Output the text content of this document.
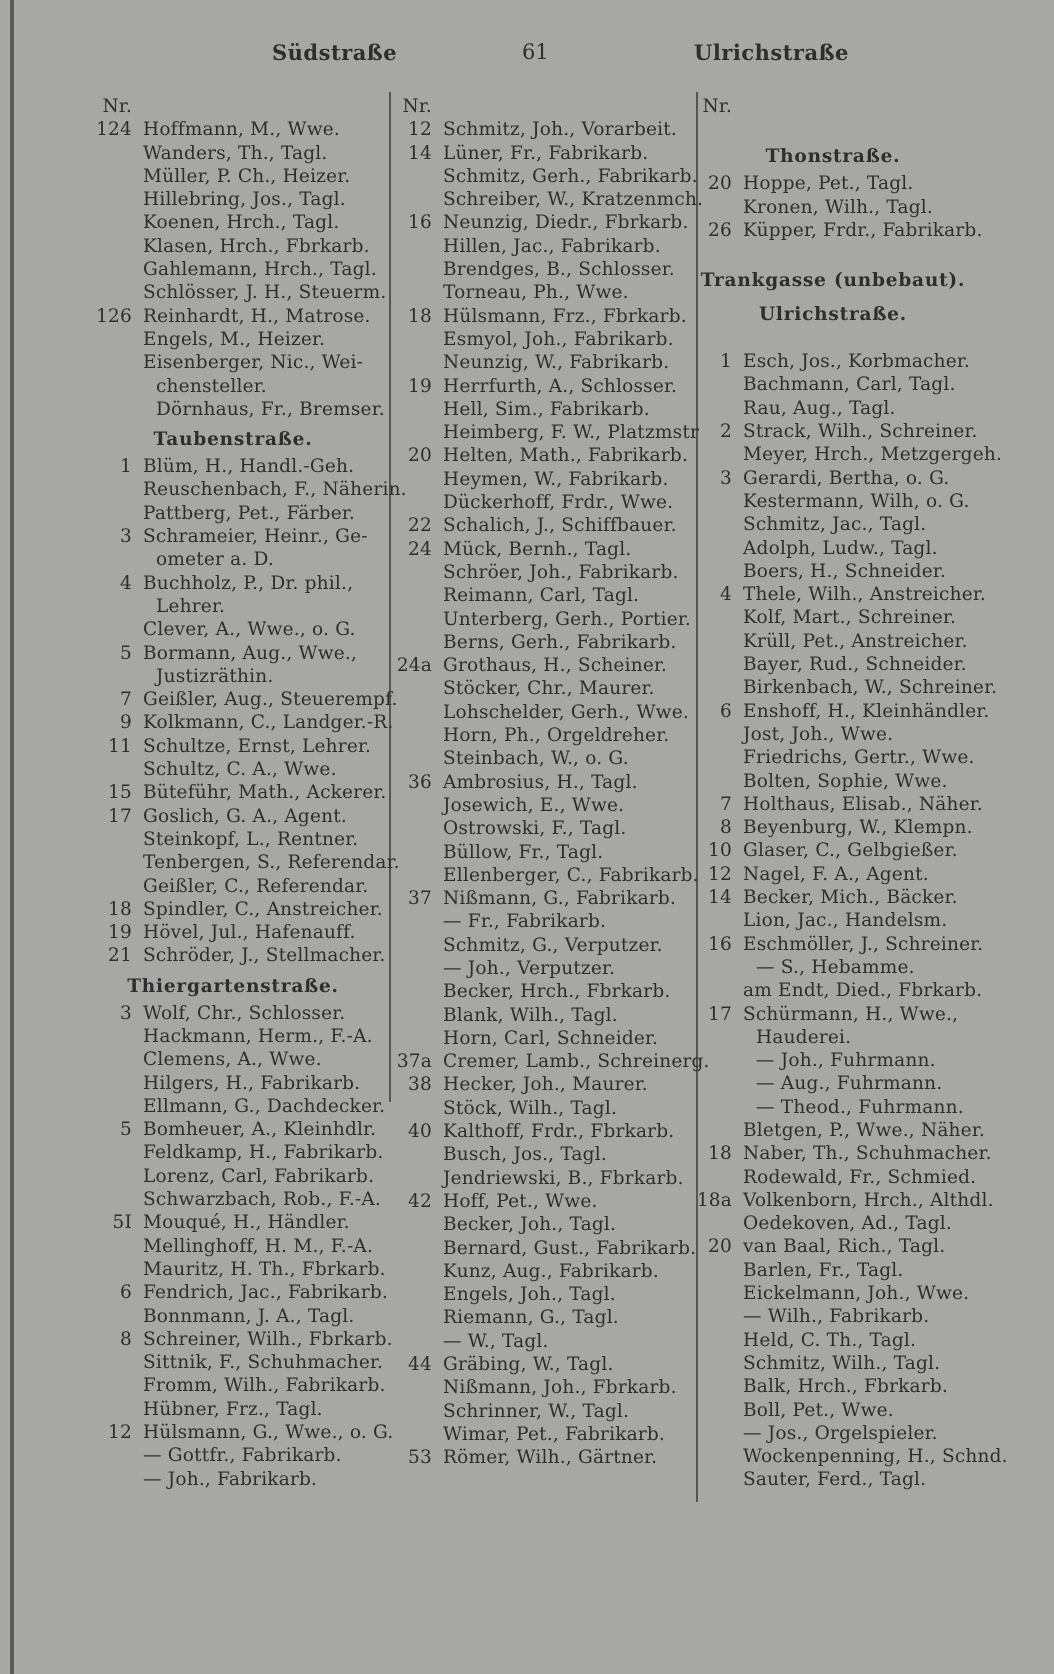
Südstraße	61	Ulrichstraße
Nr.
124 Hoffmann, M., Wwe.
Wanders, Th., Tagl.
Müller, P. Ch., Heizer.
Hillebring, Jos., Tagl.
Koenen, Hrch., Tagl.
Klasen, Hrch., Fbrkarb.
Gahlemann, Hrch., Tagl.
Schlösser, J. H., Steuerm.
126 Reinhardt, H., Matrose.
Engels, M., Heizer.
Eisenberger, Nic., Wei-
chensteller.
Dörnhaus, Fr., Bremser.
Taubenstraße.
1 Blüm, H., Handl.-Geh.
Reuschenbach, F., Näherin.
Pattberg, Pet., Färber.
3 Schrameier, Heinr., Ge-
ometer a. D.
4 Buchholz, P., Dr. phil.,
Lehrer.
Clever, A., Wwe., o. G.
5 Bormann, Aug., Wwe.,
Justizräthin.
7 Geißler, Aug., Steuerempf.
9 Kolkmann, C., Landger.-R.
11 Schultze, Ernst, Lehrer.
Schultz, C. A., Wwe.
15 Büteführ, Math., Ackerer.
17 Goslich, G. A., Agent.
Steinkopf, L., Rentner.
Tenbergen, S., Referendar.
Geißler, C., Referendar.
18 Spindler, C., Anstreicher.
19 Hövel, Jul., Hafenauff.
21 Schröder, J., Stellmacher.
Thiergartenstraße.
3 Wolf, Chr., Schlosser.
Hackmann, Herm., F.-A.
Clemens, A., Wwe.
Hilgers, H., Fabrikarb.
Ellmann, G., Dachdecker.
5 Bomheuer, A., Kleinhdlr.
Feldkamp, H., Fabrikarb.
Lorenz, Carl, Fabrikarb.
Schwarzbach, Rob., F.-A.
5I Mouqué, H., Händler.
Mellinghoff, H. M., F.-A.
Mauritz, H. Th., Fbrkarb.
6 Fendrich, Jac., Fabrikarb.
Bonnmann, J. A., Tagl.
8 Schreiner, Wilh., Fbrkarb.
Sittnik, F., Schuhmacher.
Fromm, Wilh., Fabrikarb.
Hübner, Frz., Tagl.
12 Hülsmann, G., Wwe., o. G.
— Gottfr., Fabrikarb.
— Joh., Fabrikarb.
Nr.
12 Schmitz, Joh., Vorarbeit.
14 Lüner, Fr., Fabrikarb.
Schmitz, Gerh., Fabrikarb.
Schreiber, W., Kratzenmch.
16 Neunzig, Diedr., Fbrkarb.
Hillen, Jac., Fabrikarb.
Brendges, B., Schlosser.
Torneau, Ph., Wwe.
18 Hülsmann, Frz., Fbrkarb.
Esmyol, Joh., Fabrikarb.
Neunzig, W., Fabrikarb.
19 Herrfurth, A., Schlosser.
Hell, Sim., Fabrikarb.
Heimberg, F. W., Platzmstr
20 Helten, Math., Fabrikarb.
Heymen, W., Fabrikarb.
Dückerhoff, Frdr., Wwe.
22 Schalich, J., Schiffbauer.
24 Mück, Bernh., Tagl.
Schröer, Joh., Fabrikarb.
Reimann, Carl, Tagl.
Unterberg, Gerh., Portier.
Berns, Gerh., Fabrikarb.
24a Grothaus, H., Scheiner.
Stöcker, Chr., Maurer.
Lohschelder, Gerh., Wwe.
Horn, Ph., Orgeldreher.
Steinbach, W., o. G.
36 Ambrosius, H., Tagl.
Josewich, E., Wwe.
Ostrowski, F., Tagl.
Büllow, Fr., Tagl.
Ellenberger, C., Fabrikarb.
37 Nißmann, G., Fabrikarb.
— Fr., Fabrikarb.
Schmitz, G., Verputzer.
— Joh., Verputzer.
Becker, Hrch., Fbrkarb.
Blank, Wilh., Tagl.
Horn, Carl, Schneider.
37a Cremer, Lamb., Schreinerg.
38 Hecker, Joh., Maurer.
Stöck, Wilh., Tagl.
40 Kalthoff, Frdr., Fbrkarb.
Busch, Jos., Tagl.
Jendriewski, B., Fbrkarb.
42 Hoff, Pet., Wwe.
Becker, Joh., Tagl.
Bernard, Gust., Fabrikarb.
Kunz, Aug., Fabrikarb.
Engels, Joh., Tagl.
Riemann, G., Tagl.
— W., Tagl.
44 Gräbing, W., Tagl.
Nißmann, Joh., Fbrkarb.
Schrinner, W., Tagl.
Wimar, Pet., Fabrikarb.
53 Römer, Wilh., Gärtner.
Nr.
Thonstraße.
20 Hoppe, Pet., Tagl.
Kronen, Wilh., Tagl.
26 Küpper, Frdr., Fabrikarb.
Trankgasse (unbebaut).
Ulrichstraße.
1 Esch, Jos., Korbmacher.
Bachmann, Carl, Tagl.
Rau, Aug., Tagl.
2 Strack, Wilh., Schreiner.
Meyer, Hrch., Metzgergeh.
3 Gerardi, Bertha, o. G.
Kestermann, Wilh, o. G.
Schmitz, Jac., Tagl.
Adolph, Ludw., Tagl.
Boers, H., Schneider.
4 Thele, Wilh., Anstreicher.
Kolf, Mart., Schreiner.
Krüll, Pet., Anstreicher.
Bayer, Rud., Schneider.
Birkenbach, W., Schreiner.
6 Enshoff, H., Kleinhändler.
Jost, Joh., Wwe.
Friedrichs, Gertr., Wwe.
Bolten, Sophie, Wwe.
7 Holthaus, Elisab., Näher.
8 Beyenburg, W., Klempn.
10 Glaser, C., Gelbgießer.
12 Nagel, F. A., Agent.
14 Becker, Mich., Bäcker.
Lion, Jac., Handelsm.
16 Eschmöller, J., Schreiner.
— S., Hebamme.
am Endt, Died., Fbrkarb.
17 Schürmann, H., Wwe.,
Hauderei.
— Joh., Fuhrmann.
— Aug., Fuhrmann.
— Theod., Fuhrmann.
Bletgen, P., Wwe., Näher.
18 Naber, Th., Schuhmacher.
Rodewald, Fr., Schmied.
18a Volkenborn, Hrch., Althdl.
Oedekoven, Ad., Tagl.
20 van Baal, Rich., Tagl.
Barlen, Fr., Tagl.
Eickelmann, Joh., Wwe.
— Wilh., Fabrikarb.
Held, C. Th., Tagl.
Schmitz, Wilh., Tagl.
Balk, Hrch., Fbrkarb.
Boll, Pet., Wwe.
— Jos., Orgelspieler.
Wockenpenning, H., Schnd.
Sauter, Ferd., Tagl.
